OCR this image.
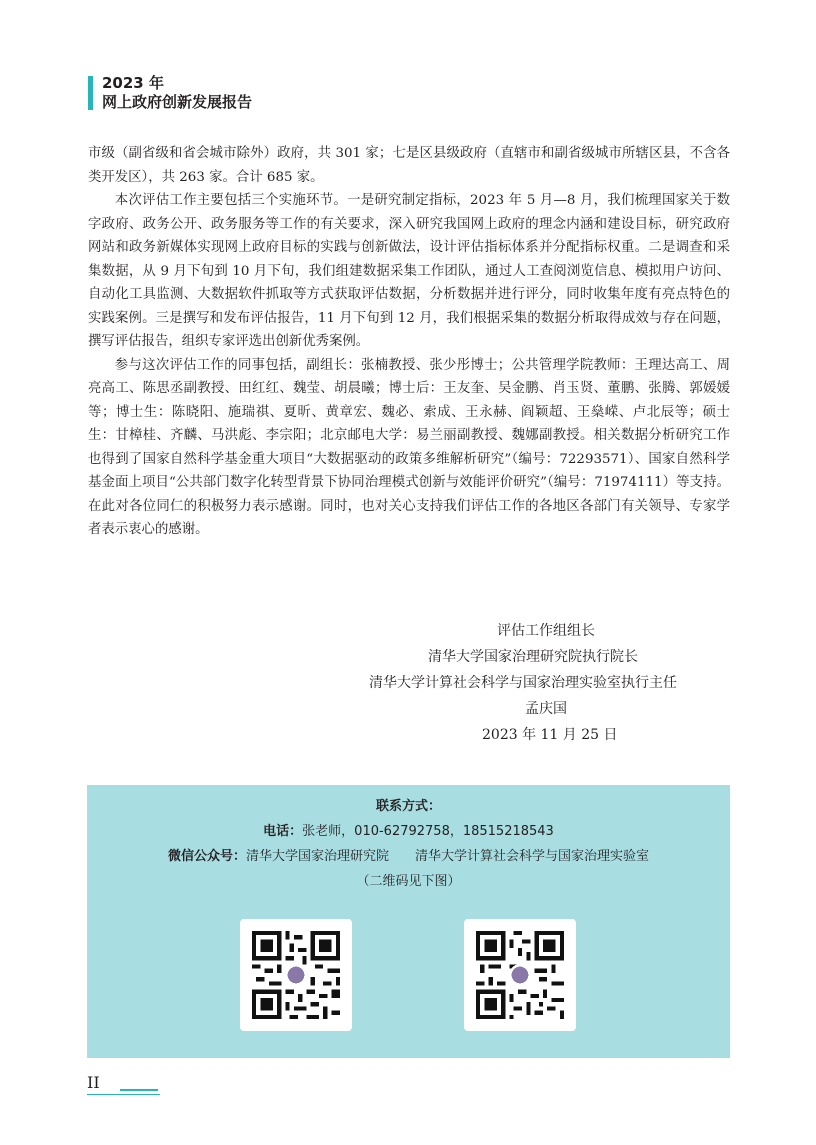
2023 年
网上政府创新发展报告

市级（副省级和省会城市除外）政府，共 301 家；七是区县级政府（直辖市和副省级城市所辖区县，不含各类开发区），共 263 家。合计 685 家。

本次评估工作主要包括三个实施环节。一是研究制定指标，2023 年 5 月—8 月，我们梳理国家关于数字政府、政务公开、政务服务等工作的有关要求，深入研究我国网上政府的理念内涵和建设目标，研究政府网站和政务新媒体实现网上政府目标的实践与创新做法，设计评估指标体系并分配指标权重。二是调查和采集数据，从 9 月下旬到 10 月下旬，我们组建数据采集工作团队，通过人工查阅浏览信息、模拟用户访问、自动化工具监测、大数据软件抓取等方式获取评估数据，分析数据并进行评分，同时收集年度有亮点特色的实践案例。三是撰写和发布评估报告，11 月下旬到 12 月，我们根据采集的数据分析取得成效与存在问题，撰写评估报告，组织专家评选出创新优秀案例。

参与这次评估工作的同事包括，副组长：张楠教授、张少彤博士；公共管理学院教师：王理达高工、周亮高工、陈思丞副教授、田红红、魏莹、胡晨曦；博士后：王友奎、吴金鹏、肖玉贤、董鹏、张腾、郭媛媛等；博士生：陈晓阳、施瑞祺、夏昕、黄章宏、魏必、索成、王永赫、阎颖超、王燊嵘、卢北辰等；硕士生：甘樟桂、齐麟、马洪彪、李宗阳；北京邮电大学：易兰丽副教授、魏娜副教授。相关数据分析研究工作也得到了国家自然科学基金重大项目“大数据驱动的政策多维解析研究”（编号：72293571）、国家自然科学基金面上项目“公共部门数字化转型背景下协同治理模式创新与效能评价研究”（编号：71974111）等支持。在此对各位同仁的积极努力表示感谢。同时，也对关心支持我们评估工作的各地区各部门有关领导、专家学者表示衷心的感谢。

评估工作组组长
清华大学国家治理研究院执行院长
清华大学计算社会科学与国家治理实验室执行主任
孟庆国
2023 年 11 月 25 日
联系方式：
电话：张老师，010-62792758，18515218543
微信公众号：清华大学国家治理研究院 清华大学计算社会科学与国家治理实验室
（二维码见下图）
II
